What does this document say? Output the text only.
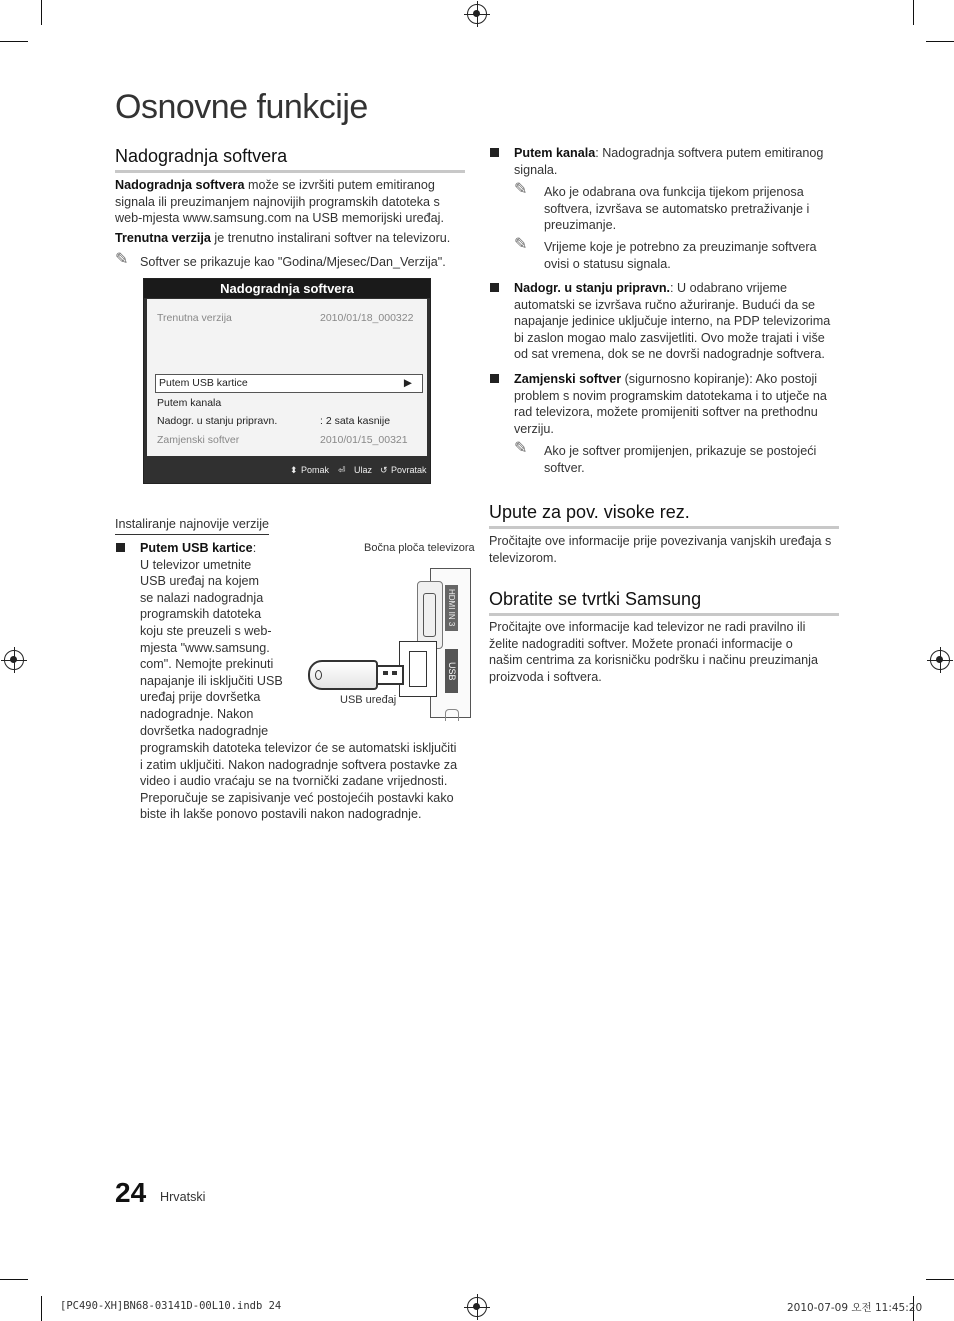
Osnovne funkcije
Nadogradnja softvera
Nadogradnja softvera može se izvršiti putem emitiranog
signala ili preuzimanjem najnovijih programskih datoteka s
web-mjesta www.samsung.com na USB memorijski uređaj.
Trenutna verzija je trenutno instalirani softver na televizoru.
✎ Softver se prikazuje kao "Godina/Mjesec/Dan_Verzija".
Nadogradnja softvera
Trenutna verzija	2010/01/18_000322
Putem USB kartice	▶
Putem kanala
Nadogr. u stanju pripravn.	: 2 sata kasnije
Zamjenski softver	2010/01/15_00321
⬍ Pomak ⏎ Ulaz ↺ Povratak
Instaliranje najnovije verzije
Putem USB kartice:
U televizor umetnite
USB uređaj na kojem
se nalazi nadogradnja
programskih datoteka
koju ste preuzeli s web-
mjesta "www.samsung.
com". Nemojte prekinuti
napajanje ili isključiti USB
uređaj prije dovršetka
nadogradnje. Nakon
dovršetka nadogradnje
programskih datoteka televizor će se automatski isključiti
i zatim uključiti. Nakon nadogradnje softvera postavke za
video i audio vraćaju se na tvornički zadane vrijednosti.
Preporučuje se zapisivanje već postojećih postavki kako
biste ih lakše ponovo postavili nakon nadogradnje.
Bočna ploča televizora
HDMI IN 3
USB
USB uređaj
Putem kanala: Nadogradnja softvera putem emitiranog
signala.
✎ Ako je odabrana ova funkcija tijekom prijenosa
softvera, izvršava se automatsko pretraživanje i
preuzimanje.
✎ Vrijeme koje je potrebno za preuzimanje softvera
ovisi o statusu signala.
Nadogr. u stanju pripravn.: U odabrano vrijeme
automatski se izvršava ručno ažuriranje. Budući da se
napajanje jedinice uključuje interno, na PDP televizorima
bi zaslon mogao malo zasvijetliti. Ovo može trajati i više
od sat vremena, dok se ne dovrši nadogradnje softvera.
Zamjenski softver (sigurnosno kopiranje): Ako postoji
problem s novim programskim datotekama i to utječe na
rad televizora, možete promijeniti softver na prethodnu
verziju.
✎ Ako je softver promijenjen, prikazuje se postojeći
softver.
Upute za pov. visoke rez.
Pročitajte ove informacije prije povezivanja vanjskih uređaja s
televizorom.
Obratite se tvrtki Samsung
Pročitajte ove informacije kad televizor ne radi pravilno ili
želite nadograditi softver. Možete pronaći informacije o
našim centrima za korisničku podršku i načinu preuzimanja
proizvoda i softvera.
24 Hrvatski
[PC490-XH]BN68-03141D-00L10.indb 24	2010-07-09 오전 11:45:20
